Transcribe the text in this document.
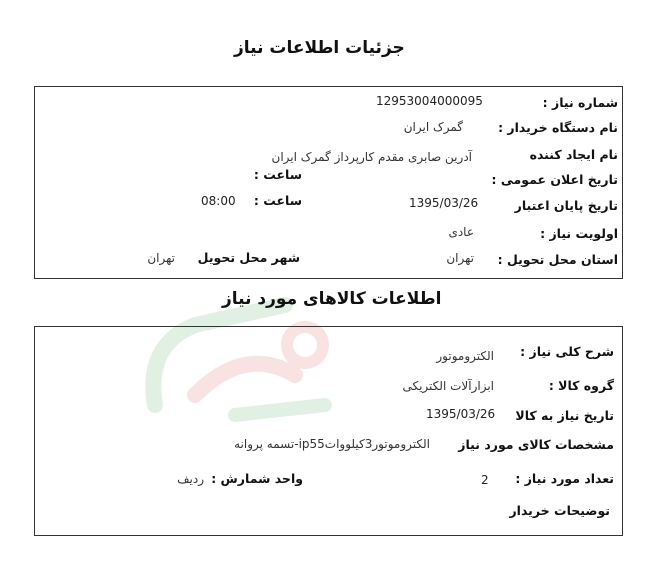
جزئیات اطلاعات نیاز
شماره نیاز :
12953004000095
نام دستگاه خریدار :
گمرک ایران
نام ایجاد کننده
آدرین صابری مقدم کارپرداز گمرک ایران
تاریخ اعلان عمومی :
ساعت :
تاریخ پایان اعتبار
1395/03/26
ساعت :
08:00
اولویت نیاز :
عادی
استان محل تحویل :
تهران
شهر محل تحویل
تهران
اطلاعات کالاهای مورد نیاز
شرح کلی نیاز :
الکتروموتور
گروه کالا :
ابزارآلات الکتریکی
تاریخ نیاز به کالا
1395/03/26
مشخصات کالای مورد نیاز
الکتروموتور3کیلوواتip55-تسمه پروانه
تعداد مورد نیاز :
2
واحد شمارش :
ردیف
توضیحات خریدار
